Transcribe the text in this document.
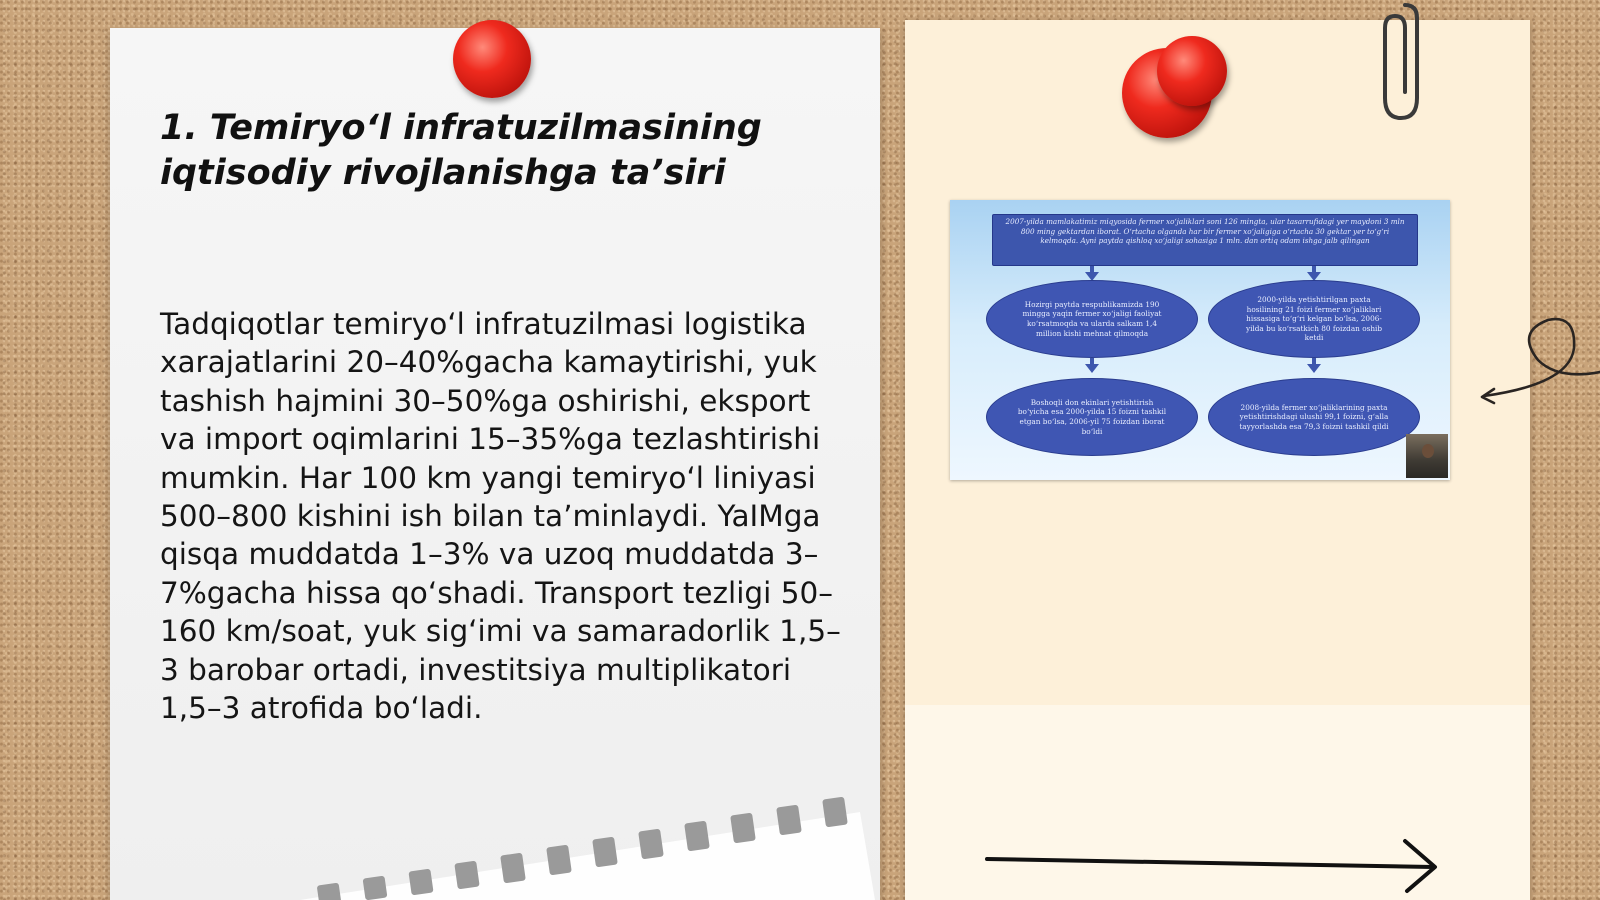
1. Temiryo‘l infratuzilmasining
iqtisodiy rivojlanishga ta’siri

Tadqiqotlar temiryo‘l infratuzilmasi logistika xarajatlarini 20–40%gacha kamaytirishi, yuk tashish hajmini 30–50%ga oshirishi, eksport va import oqimlarini 15–35%ga tezlashtirishi mumkin. Har 100 km yangi temiryo‘l liniyasi 500–800 kishini ish bilan ta’minlaydi. YaIMga qisqa muddatda 1–3% va uzoq muddatda 3–7%gacha hissa qo‘shadi. Transport tezligi 50–160 km/soat, yuk sig‘imi va samaradorlik 1,5–3 barobar ortadi, investitsiya multiplikatori 1,5–3 atrofida bo‘ladi.

2007-yilda mamlakatimiz miqyosida fermer xo‘jaliklari soni 126 mingta, ular tasarrufidagi yer maydoni 3 mln 800 ming gektardan iborat. O‘rtacha olganda har bir fermer xo‘jaligiga o‘rtacha 30 gektar yer to‘g‘ri kelmoqda. Ayni paytda qishloq xo‘jaligi sohasiga 1 mln. dan ortiq odam ishga jalb qilingan
Hozirgi paytda respublikamizda 190 mingga yaqin fermer xo‘jaligi faoliyat ko‘rsatmoqda va ularda salkam 1,4 million kishi mehnat qilmoqda
2000-yilda yetishtirilgan paxta hosilining 21 foizi fermer xo‘jaliklari hissasiga to‘g‘ri kelgan bo‘lsa, 2006-yilda bu ko‘rsatkich 80 foizdan oshib ketdi
Boshoqli don ekinlari yetishtirish bo‘yicha esa 2000-yilda 15 foizni tashkil etgan bo‘lsa, 2006-yil 75 foizdan iborat bo‘ldi
2008-yilda fermer xo‘jaliklarining paxta yetishtirishdagi ulushi 99,1 foizni, g‘alla tayyorlashda esa 79,3 foizni tashkil qildi
